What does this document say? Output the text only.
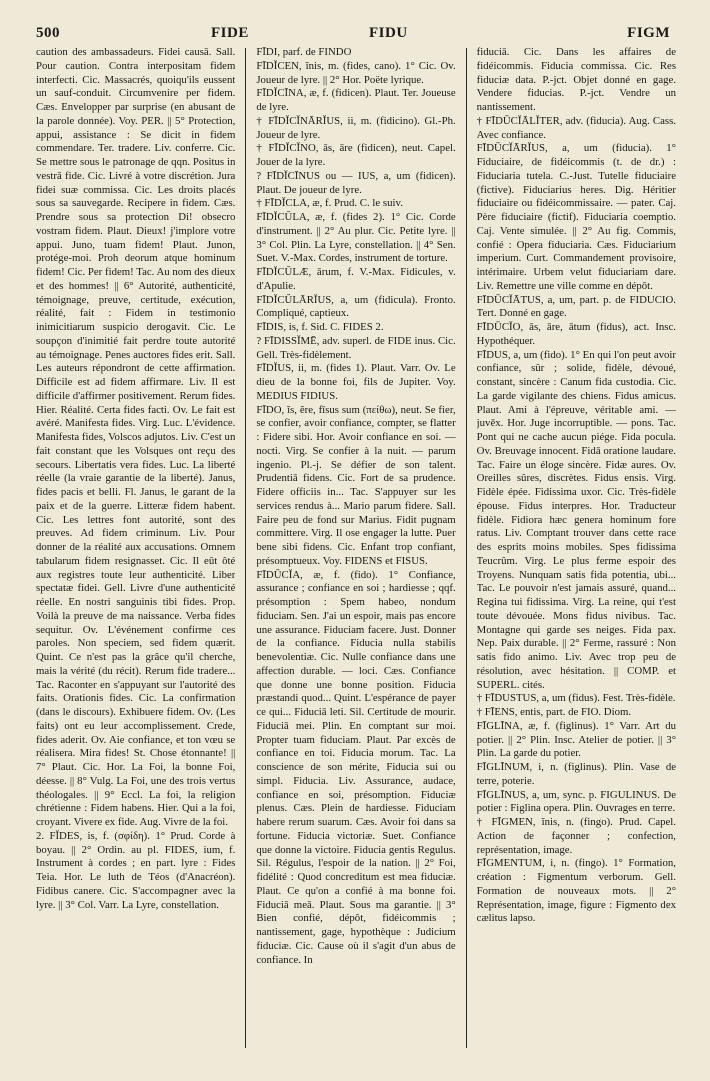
500	FIDE	FIDU	FIGM

caution des ambassadeurs. Fidei causā. Sall. Pour caution. Contra interpositam fidem interfecti. Cic. Massacrés, quoiqu'ils eussent un sauf-conduit. Circumvenire per fidem. Cæs. Envelopper par surprise (en abusant de la parole donnée). Voy. PER. || 5° Protection, appui, assistance : Se dicit in fidem commendare. Ter. tradere. Liv. conferre. Cic. Se mettre sous le patronage de qqn. Positus in vestrā fide. Cic. Livré à votre discrétion. Jura fidei suæ commissa. Cic. Les droits placés sous sa sauvegarde. Recipere in fidem. Cæs. Prendre sous sa protection Di! obsecro vostram fidem. Plaut. Dieux! j'implore votre appui. Juno, tuam fidem! Plaut. Junon, protége-moi. Proh deorum atque hominum fidem! Cic. Per fidem! Tac. Au nom des dieux et des hommes! || 6° Autorité, authenticité, témoignage, preuve, certitude, exécution, réalité, fait : Fidem in testimonio inimicitiarum suspicio derogavit. Cic. Le soupçon d'inimitié fait perdre toute autorité au témoignage. Penes auctores fides erit. Sall. Les auteurs répondront de cette affirmation. Difficile est ad fidem affirmare. Liv. Il est difficile d'affirmer positivement. Rerum fides. Hier. Réalité. Certa fides facti. Ov. Le fait est avéré. Manifesta fides. Virg. Luc. L'évidence. Manifesta fides, Volscos adjutos. Liv. C'est un fait constant que les Volsques ont reçu des secours. Libertatis vera fides. Luc. La liberté réelle (la vraie garantie de la liberté). Janus, fides pacis et belli. Fl. Janus, le garant de la paix et de la guerre. Litteræ fidem habent. Cic. Les lettres font autorité, sont des preuves. Ad fidem criminum. Liv. Pour donner de la réalité aux accusations. Omnem tabularum fidem resignasset. Cic. Il eût ôté aux registres toute leur authenticité. Liber spectatæ fidei. Gell. Livre d'une authenticité réelle. En nostri sanguinis tibi fides. Prop. Voilà la preuve de ma naissance. Verba fides sequitur. Ov. L'événement confirme ces paroles. Non speciem, sed fidem quærit. Quint. Ce n'est pas la grâce qu'il cherche, mais la vérité (du récit). Rerum fide tradere... Tac. Raconter en s'appuyant sur l'autorité des faits. Orationis fides. Cic. La confirmation (dans le discours). Exhibuere fidem. Ov. (Les faits) ont eu leur accomplissement. Crede, fides aderit. Ov. Aie confiance, et ton vœu se réalisera. Mira fides! St. Chose étonnante! || 7° Plaut. Cic. Hor. La Foi, la bonne Foi, déesse. || 8° Vulg. La Foi, une des trois vertus théologales. || 9° Eccl. La foi, la religion chrétienne : Fidem habens. Hier. Qui a la foi, croyant. Vivere ex fide. Aug. Vivre de la foi.

2. FĬDES, is, f. (σφίδη). 1° Prud. Corde à boyau. || 2° Ordin. au pl. FIDES, ium, f. Instrument à cordes ; en part. lyre : Fides Teia. Hor. Le luth de Téos (d'Anacréon). Fidibus canere. Cic. S'accompagner avec la lyre. || 3° Col. Varr. La Lyre, constellation.

FĪDI, parf. de FINDO

FĪDĬCEN, ĭnis, m. (fides, cano). 1° Cic. Ov. Joueur de lyre. || 2° Hor. Poëte lyrique.

FĪDĬCĪNA, æ, f. (fidicen). Plaut. Ter. Joueuse de lyre.

† FĪDĬCĬNĀRĬUS, ii, m. (fidicino). Gl.-Ph. Joueur de lyre.

† FĪDĬCĬNO, ās, āre (fidicen), neut. Capel. Jouer de la lyre.

? FĪDĬCĪNUS ou — IUS, a, um (fidicen). Plaut. De joueur de lyre.

† FĪDĬCLA, æ, f. Prud. C. le suiv.

FĪDĬCŬLA, æ, f. (fides 2). 1° Cic. Corde d'instrument. || 2° Au plur. Cic. Petite lyre. || 3° Col. Plin. La Lyre, constellation. || 4° Sen. Suet. V.-Max. Cordes, instrument de torture.

FĪDĬCŬLÆ, ārum, f. V.-Max. Fidicules, v. d'Apulie.

FĪDĬCŬLĀRĬUS, a, um (fidicula). Fronto. Compliqué, captieux.

FĪDIS, is, f. Sid. C. FIDES 2.

? FĪDISSĬMĒ, adv. superl. de FIDE inus. Cic. Gell. Très-fidèlement.

FĪDĬUS, ii, m. (fides 1). Plaut. Varr. Ov. Le dieu de la bonne foi, fils de Jupiter. Voy. MEDIUS FIDIUS.

FĪDO, ĭs, ĕre, fīsus sum (πείθω), neut. Se fier, se confier, avoir confiance, compter, se flatter : Fidere sibi. Hor. Avoir confiance en soi. — nocti. Virg. Se confier à la nuit. — parum ingenio. Pl.-j. Se défier de son talent. Prudentiā fidens. Cic. Fort de sa prudence. Fidere officiis in... Tac. S'appuyer sur les services rendus à... Mario parum fidere. Sall. Faire peu de fond sur Marius. Fidit pugnam committere. Virg. Il ose engager la lutte. Puer bene sibi fidens. Cic. Enfant trop confiant, présomptueux. Voy. FIDENS et FISUS.

FĪDŪCĬA, æ, f. (fido). 1° Confiance, assurance ; confiance en soi ; hardiesse ; qqf. présomption : Spem habeo, nondum fiduciam. Sen. J'ai un espoir, mais pas encore une assurance. Fiduciam facere. Just. Donner de la confiance. Fiducia nulla stabilis benevolentiæ. Cic. Nulle confiance dans une affection durable. — loci. Cæs. Confiance que donne une bonne position. Fiducia præstandi quod... Quint. L'espérance de payer ce qui... Fiduciā leti. Sil. Certitude de mourir. Fiduciā mei. Plin. En comptant sur moi. Propter tuam fiduciam. Plaut. Par excès de confiance en toi. Fiducia morum. Tac. La conscience de son mérite, Fiducia sui ou simpl. Fiducia. Liv. Assurance, audace, confiance en soi, présomption. Fiduciæ plenus. Cæs. Plein de hardiesse. Fiduciam habere rerum suarum. Cæs. Avoir foi dans sa fortune. Fiducia victoriæ. Suet. Confiance que donne la victoire. Fiducia gentis Regulus. Sil. Régulus, l'espoir de la nation. || 2° Foi, fidélité : Quod concreditum est mea fiduciæ. Plaut. Ce qu'on a confié à ma bonne foi. Fiduciā meā. Plaut. Sous ma garantie. || 3° Bien confié, dépôt, fidéicommis ; nantissement, gage, hypothèque : Judicium fiduciæ. Cic. Cause où il s'agit d'un abus de confiance. In

fiduciā. Cic. Dans les affaires de fidéicommis. Fiducia commissa. Cic. Res fiduciæ data. P.-jct. Objet donné en gage. Vendere fiducias. P.-jct. Vendre un nantissement.

† FĪDŪCĬĀLĬTER, adv. (fiducia). Aug. Cass. Avec confiance.

FĪDŪCĬĀRĬUS, a, um (fiducia). 1° Fiduciaire, de fidéicommis (t. de dr.) : Fiduciaria tutela. C.-Just. Tutelle fiduciaire (fictive). Fiduciarius heres. Dig. Héritier fiduciaire ou fidéicommissaire. — pater. Caj. Père fiduciaire (fictif). Fiduciaria coemptio. Caj. Vente simulée. || 2° Au fig. Commis, confié : Opera fiduciaria. Cæs. Fiduciarium imperium. Curt. Commandement provisoire, intérimaire. Urbem velut fiduciariam dare. Liv. Remettre une ville comme en dépôt.

FĪDŪCĬĀTUS, a, um, part. p. de FIDUCIO. Tert. Donné en gage.

FĪDŪCĬO, ās, āre, ātum (fidus), act. Insc. Hypothéquer.

FĪDUS, a, um (fido). 1° En qui l'on peut avoir confiance, sûr ; solide, fidèle, dévoué, constant, sincère : Canum fida custodia. Cic. La garde vigilante des chiens. Fidus amicus. Plaut. Ami à l'épreuve, véritable ami. — juvěx. Hor. Juge incorruptible. — pons. Tac. Pont qui ne cache aucun piége. Fida pocula. Ov. Breuvage innocent. Fidā oratione laudare. Tac. Faire un éloge sincère. Fidæ aures. Ov. Oreilles sûres, discrètes. Fidus ensis. Virg. Fidèle épée. Fidissima uxor. Cic. Très-fidèle épouse. Fidus interpres. Hor. Traducteur fidèle. Fidiora hæc genera hominum fore ratus. Liv. Comptant trouver dans cette race des esprits moins mobiles. Spes fidissima Teucrûm. Virg. Le plus ferme espoir des Troyens. Nunquam satis fida potentia, ubi... Tac. Le pouvoir n'est jamais assuré, quand... Regina tui fidissima. Virg. La reine, qui t'est toute dévouée. Mons fidus nivibus. Tac. Montagne qui garde ses neiges. Fida pax. Nep. Paix durable. || 2° Ferme, rassuré : Non satis fido animo. Liv. Avec trop peu de résolution, avec hésitation. || COMP. et SUPERL. cités.

† FĪDUSTUS, a, um (fidus). Fest. Très-fidèle.

† FĪENS, entis, part. de FIO. Diom.

FĪGLĪNA, æ, f. (figlinus). 1° Varr. Art du potier. || 2° Plin. Insc. Atelier de potier. || 3° Plin. La garde du potier.

FĪGLĪNUM, i, n. (figlinus). Plin. Vase de terre, poterie.

FĪGLĪNUS, a, um, sync. p. FIGULINUS. De potier : Figlina opera. Plin. Ouvrages en terre.

† FĪGMEN, ĭnis, n. (fingo). Prud. Capel. Action de façonner ; confection, représentation, image.

FĪGMENTUM, i, n. (fingo). 1° Formation, création : Figmentum verborum. Gell. Formation de nouveaux mots. || 2° Représentation, image, figure : Figmento dex cælitus lapso.
